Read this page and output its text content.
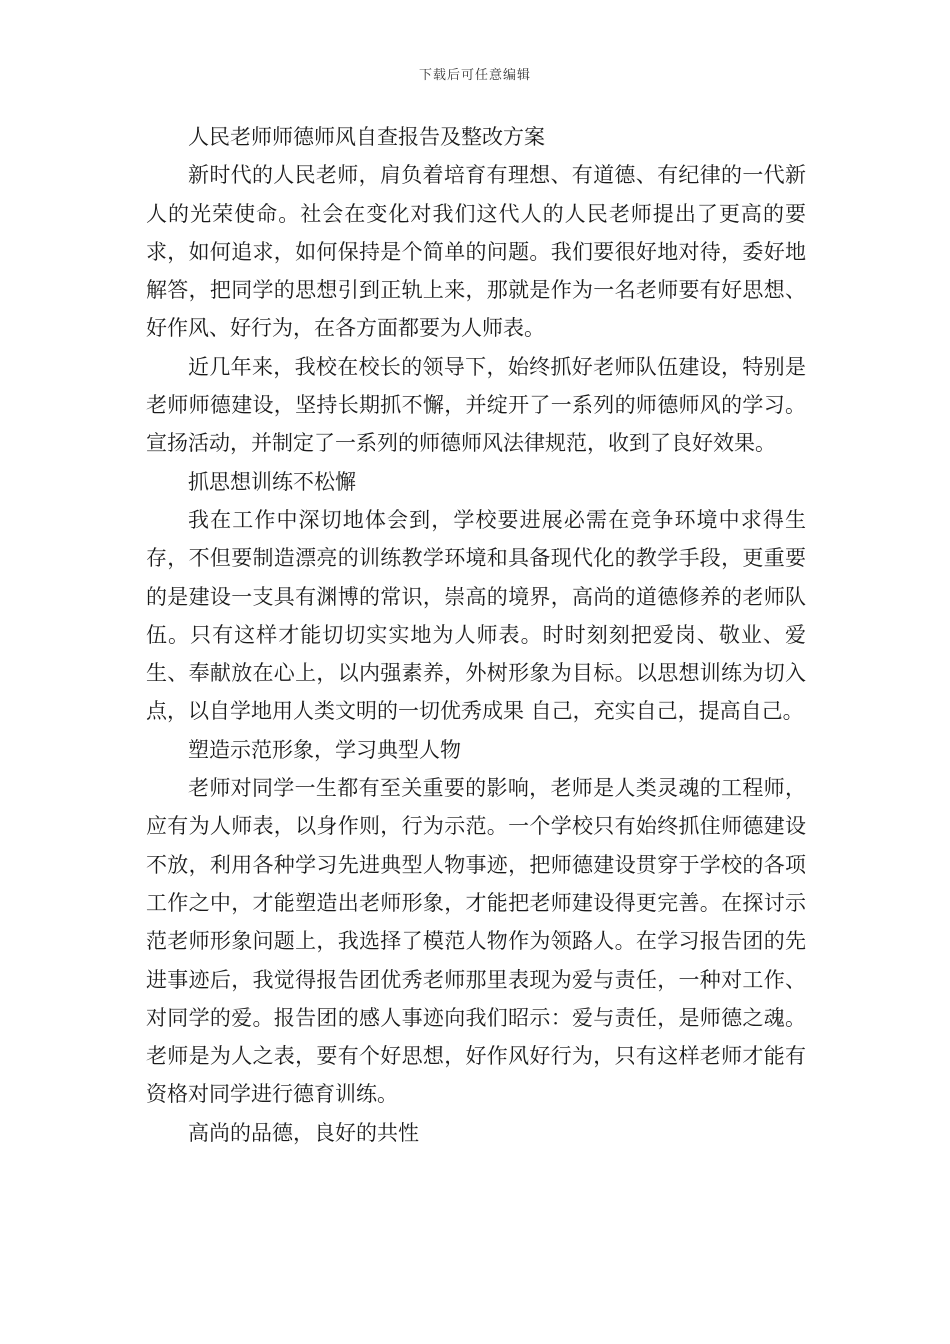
下载后可任意编辑

人民老师师德师风自查报告及整改方案

新时代的人民老师，肩负着培育有理想、有道德、有纪律的一代新人的光荣使命。社会在变化对我们这代人的人民老师提出了更高的要求，如何追求，如何保持是个简单的问题。我们要很好地对待，委好地解答，把同学的思想引到正轨上来，那就是作为一名老师要有好思想、好作风、好行为，在各方面都要为人师表。

近几年来，我校在校长的领导下，始终抓好老师队伍建设，特别是老师师德建设，坚持长期抓不懈，并绽开了一系列的师德师风的学习。宣扬活动，并制定了一系列的师德师风法律规范，收到了良好效果。

抓思想训练不松懈

我在工作中深切地体会到，学校要进展必需在竞争环境中求得生存，不但要制造漂亮的训练教学环境和具备现代化的教学手段，更重要的是建设一支具有渊博的常识，崇高的境界，高尚的道德修养的老师队伍。只有这样才能切切实实地为人师表。时时刻刻把爱岗、敬业、爱生、奉献放在心上，以内强素养，外树形象为目标。以思想训练为切入点，以自学地用人类文明的一切优秀成果 自己，充实自己，提高自己。

塑造示范形象，学习典型人物

老师对同学一生都有至关重要的影响，老师是人类灵魂的工程师，应有为人师表，以身作则，行为示范。一个学校只有始终抓住师德建设不放，利用各种学习先进典型人物事迹，把师德建设贯穿于学校的各项工作之中，才能塑造出老师形象，才能把老师建设得更完善。在探讨示范老师形象问题上，我选择了模范人物作为领路人。在学习报告团的先进事迹后，我觉得报告团优秀老师那里表现为爱与责任，一种对工作、对同学的爱。报告团的感人事迹向我们昭示：爱与责任，是师德之魂。老师是为人之表，要有个好思想，好作风好行为，只有这样老师才能有资格对同学进行德育训练。

高尚的品德，良好的共性
